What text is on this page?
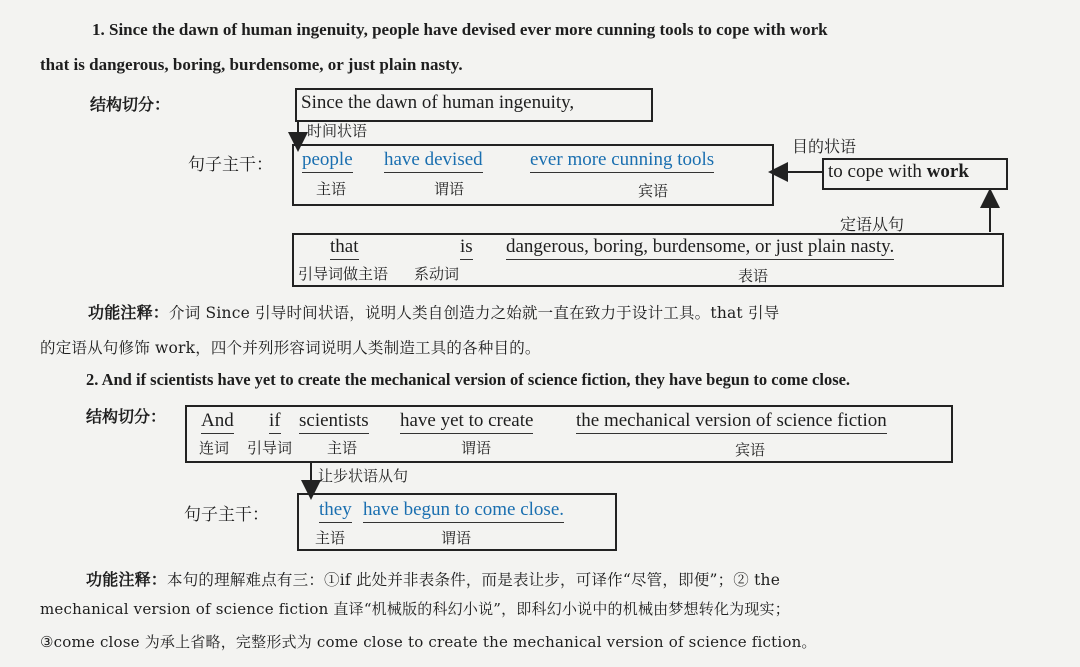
1. Since the dawn of human ingenuity, people have devised ever more cunning tools to cope with work
that is dangerous, boring, burdensome, or just plain nasty.
结构切分：	Since the dawn of human ingenuity,
时间状语
句子主干： people have devised ever more cunning tools
主语	谓语	宾语
目的状语
to cope with work
定语从句
that	is dangerous, boring, burdensome, or just plain nasty.
引导词做主语 系动词	表语
功能注释：介词 Since 引导时间状语，说明人类自创造力之始就一直在致力于设计工具。that 引导
的定语从句修饰 work，四个并列形容词说明人类制造工具的各种目的。
2. And if scientists have yet to create the mechanical version of science fiction, they have begun to come close.
结构切分： And if scientists have yet to create the mechanical version of science fiction
连词 引导词 主语	谓语	宾语
让步状语从句
句子主干：	they have begun to come close.
主语	谓语
功能注释：本句的理解难点有三：①if 此处并非表条件，而是表让步，可译作“尽管，即便”；② the
mechanical version of science fiction 直译“机械版的科幻小说”，即科幻小说中的机械由梦想转化为现实；
③come close 为承上省略，完整形式为 come close to create the mechanical version of science fiction。
